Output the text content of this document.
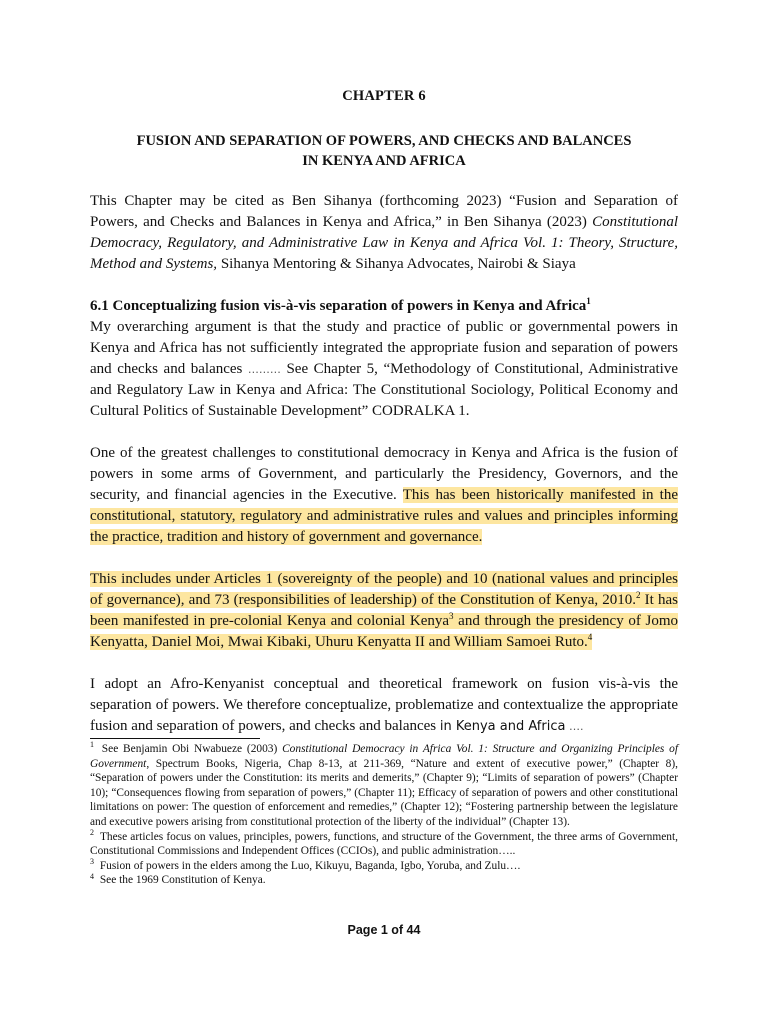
CHAPTER 6
FUSION AND SEPARATION OF POWERS, AND CHECKS AND BALANCES
IN KENYA AND AFRICA

This Chapter may be cited as Ben Sihanya (forthcoming 2023) “Fusion and Separation of Powers, and Checks and Balances in Kenya and Africa,” in Ben Sihanya (2023) Constitutional Democracy, Regulatory, and Administrative Law in Kenya and Africa Vol. 1: Theory, Structure, Method and Systems, Sihanya Mentoring & Sihanya Advocates, Nairobi & Siaya

6.1 Conceptualizing fusion vis-à-vis separation of powers in Kenya and Africa$^1$

My overarching argument is that the study and practice of public or governmental powers in Kenya and Africa has not sufficiently integrated the appropriate fusion and separation of powers and checks and balances ……… See Chapter 5, “Methodology of Constitutional, Administrative and Regulatory Law in Kenya and Africa: The Constitutional Sociology, Political Economy and Cultural Politics of Sustainable Development” CODRALKA 1.

One of the greatest challenges to constitutional democracy in Kenya and Africa is the fusion of powers in some arms of Government, and particularly the Presidency, Governors, and the security, and financial agencies in the Executive. This has been historically manifested in the constitutional, statutory, regulatory and administrative rules and values and principles informing the practice, tradition and history of government and governance.

This includes under Articles 1 (sovereignty of the people) and 10 (national values and principles of governance), and 73 (responsibilities of leadership) of the Constitution of Kenya, 2010.$^2$ It has been manifested in pre-colonial Kenya and colonial Kenya$^3$ and through the presidency of Jomo Kenyatta, Daniel Moi, Mwai Kibaki, Uhuru Kenyatta II and William Samoei Ruto.$^4$

I adopt an Afro-Kenyanist conceptual and theoretical framework on fusion vis-à-vis the separation of powers. We therefore conceptualize, problematize and contextualize the appropriate fusion and separation of powers, and checks and balances in Kenya and Africa ….

$^1$ See Benjamin Obi Nwabueze (2003) Constitutional Democracy in Africa Vol. 1: Structure and Organizing Principles of Government, Spectrum Books, Nigeria, Chap 8-13, at 211-369, “Nature and extent of executive power,” (Chapter 8), “Separation of powers under the Constitution: its merits and demerits,” (Chapter 9); “Limits of separation of powers” (Chapter 10); “Consequences flowing from separation of powers,” (Chapter 11); Efficacy of separation of powers and other constitutional limitations on power: The question of enforcement and remedies,” (Chapter 12); “Fostering partnership between the legislature and executive powers arising from constitutional protection of the liberty of the individual” (Chapter 13).

$^2$ These articles focus on values, principles, powers, functions, and structure of the Government, the three arms of Government, Constitutional Commissions and Independent Offices (CCIOs), and public administration…..

$^3$ Fusion of powers in the elders among the Luo, Kikuyu, Baganda, Igbo, Yoruba, and Zulu….

$^4$ See the 1969 Constitution of Kenya.

Page 1 of 44
